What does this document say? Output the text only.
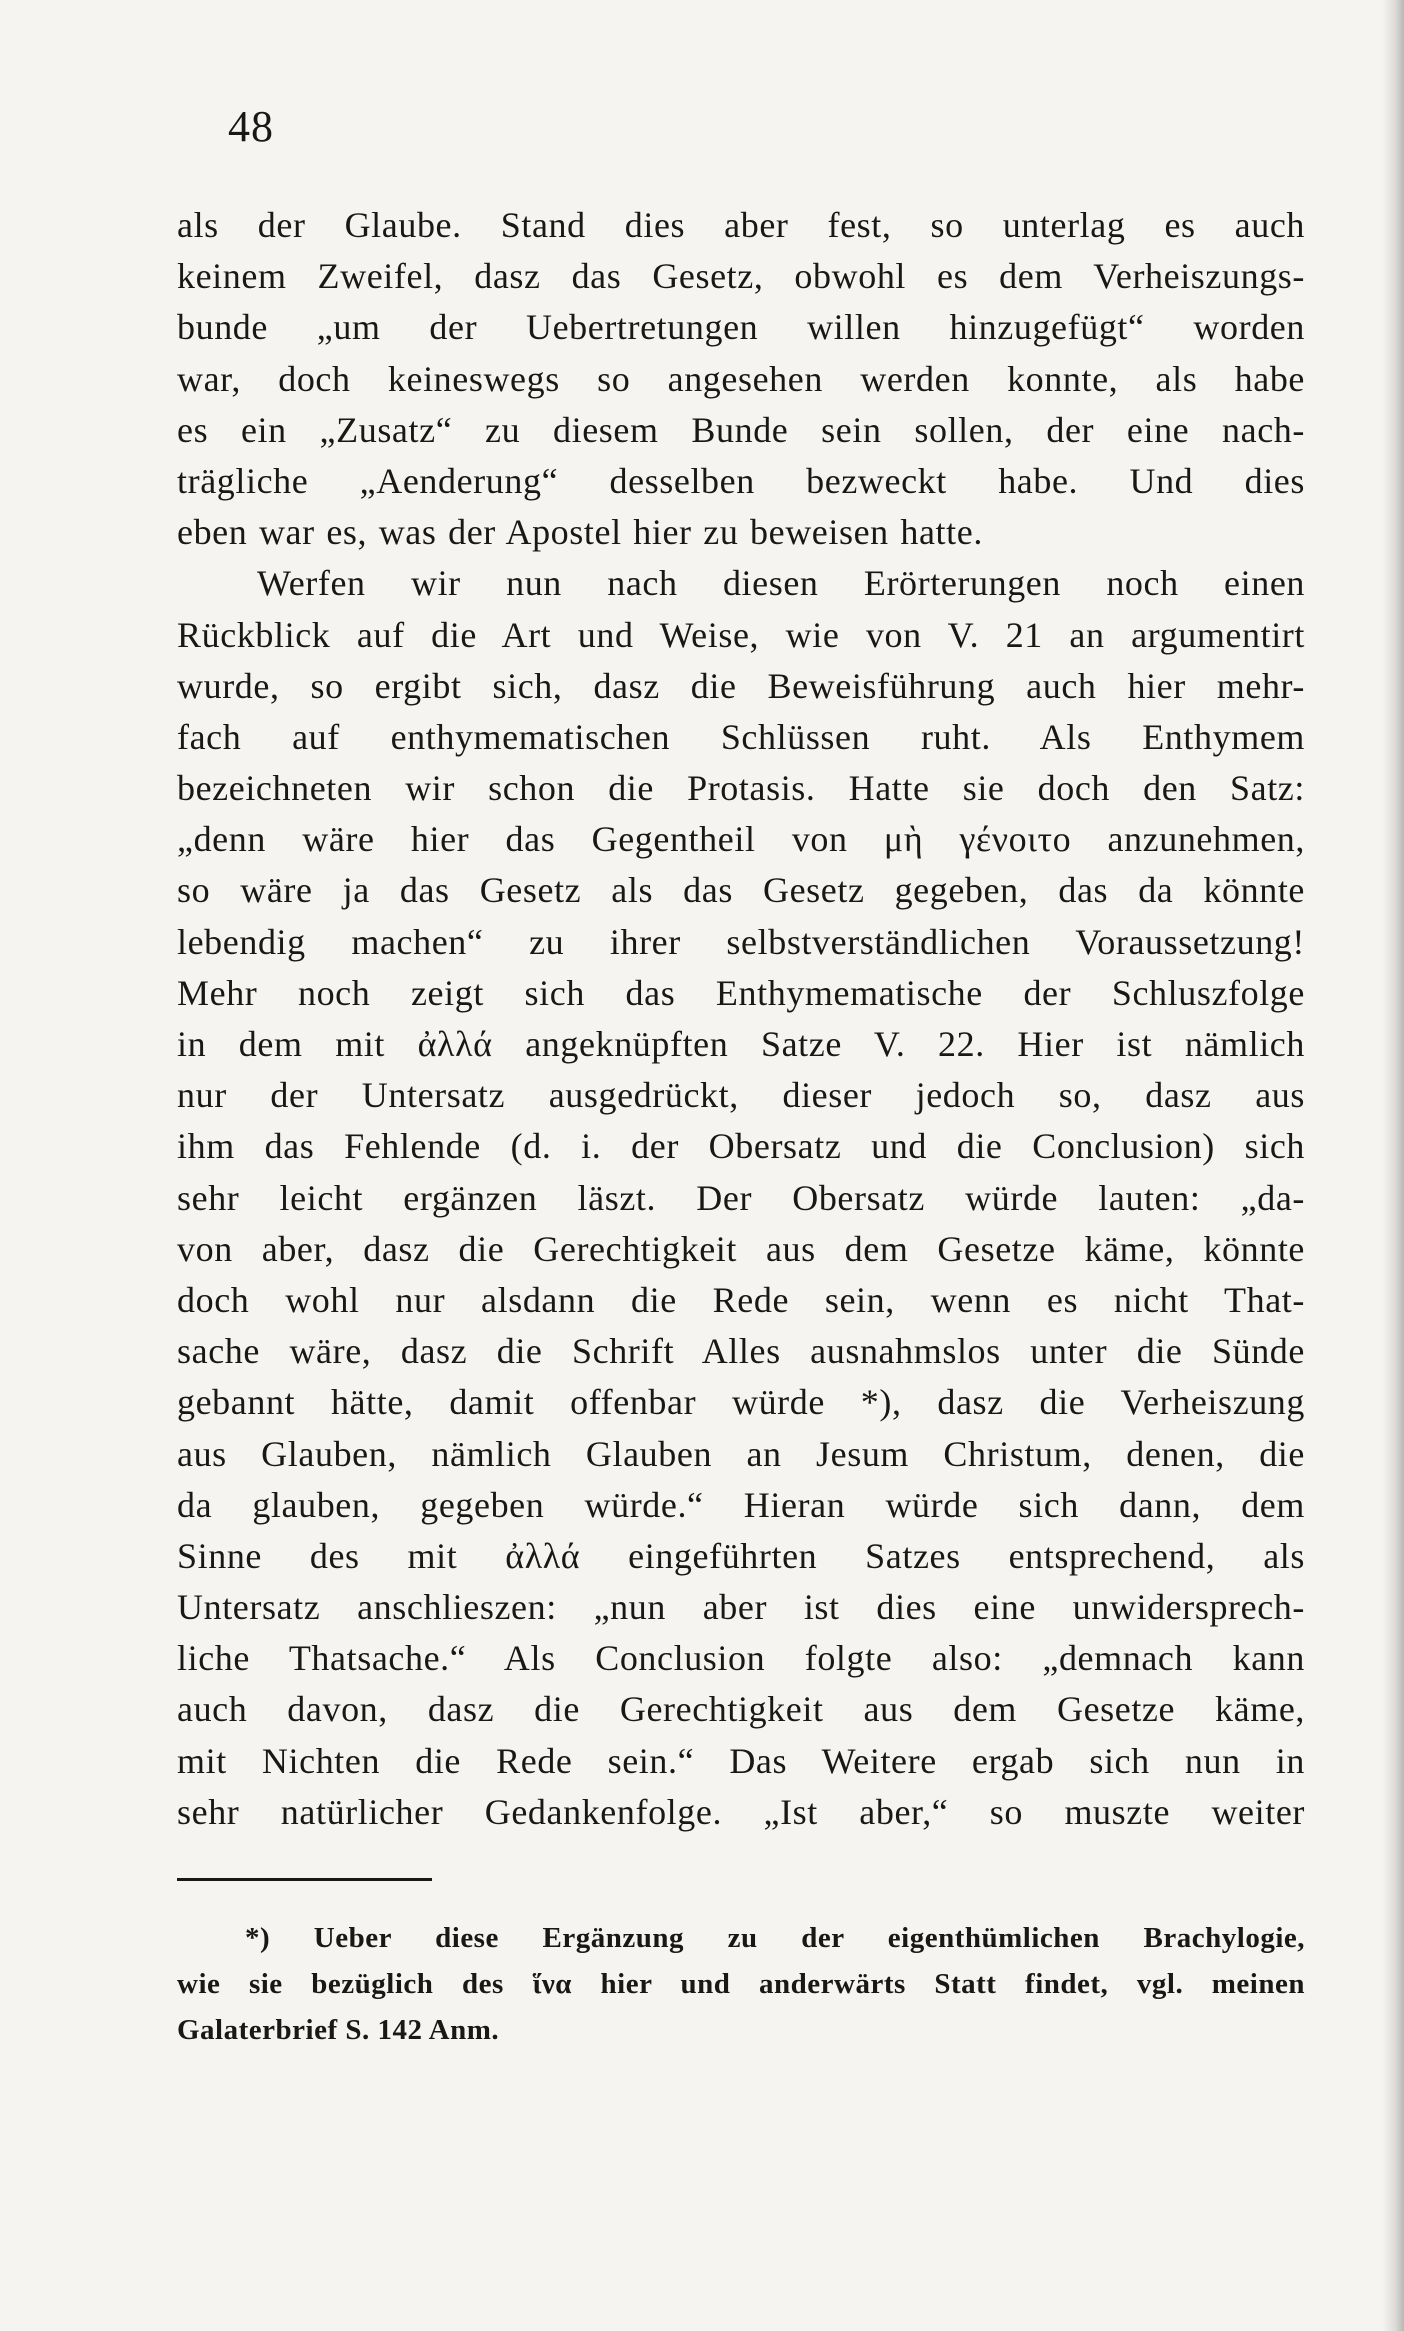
48
als der Glaube. Stand dies aber fest, so unterlag es auch
keinem Zweifel, dasz das Gesetz, obwohl es dem Verheiszungs-
bunde „um der Uebertretungen willen hinzugefügt“ worden
war, doch keineswegs so angesehen werden konnte, als habe
es ein „Zusatz“ zu diesem Bunde sein sollen, der eine nach-
trägliche „Aenderung“ desselben bezweckt habe. Und dies
eben war es, was der Apostel hier zu beweisen hatte.
Werfen wir nun nach diesen Erörterungen noch einen
Rückblick auf die Art und Weise, wie von V. 21 an argumentirt
wurde, so ergibt sich, dasz die Beweisführung auch hier mehr-
fach auf enthymematischen Schlüssen ruht. Als Enthymem
bezeichneten wir schon die Protasis. Hatte sie doch den Satz:
„denn wäre hier das Gegentheil von μὴ γένοιτο anzunehmen,
so wäre ja das Gesetz als das Gesetz gegeben, das da könnte
lebendig machen“ zu ihrer selbstverständlichen Voraussetzung!
Mehr noch zeigt sich das Enthymematische der Schluszfolge
in dem mit ἀλλά angeknüpften Satze V. 22. Hier ist nämlich
nur der Untersatz ausgedrückt, dieser jedoch so, dasz aus
ihm das Fehlende (d. i. der Obersatz und die Conclusion) sich
sehr leicht ergänzen läszt. Der Obersatz würde lauten: „da-
von aber, dasz die Gerechtigkeit aus dem Gesetze käme, könnte
doch wohl nur alsdann die Rede sein, wenn es nicht That-
sache wäre, dasz die Schrift Alles ausnahmslos unter die Sünde
gebannt hätte, damit offenbar würde *), dasz die Verheiszung
aus Glauben, nämlich Glauben an Jesum Christum, denen, die
da glauben, gegeben würde.“ Hieran würde sich dann, dem
Sinne des mit ἀλλά eingeführten Satzes entsprechend, als
Untersatz anschlieszen: „nun aber ist dies eine unwidersprech-
liche Thatsache.“ Als Conclusion folgte also: „demnach kann
auch davon, dasz die Gerechtigkeit aus dem Gesetze käme,
mit Nichten die Rede sein.“ Das Weitere ergab sich nun in
sehr natürlicher Gedankenfolge. „Ist aber,“ so muszte weiter
*) Ueber diese Ergänzung zu der eigenthümlichen Brachylogie,
wie sie bezüglich des ἵνα hier und anderwärts Statt findet, vgl. meinen
Galaterbrief S. 142 Anm.
